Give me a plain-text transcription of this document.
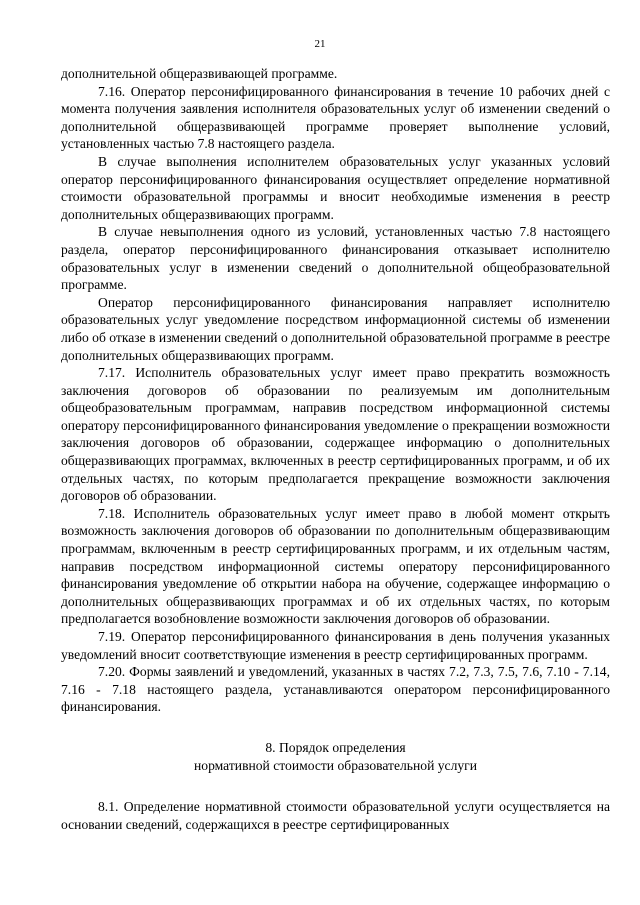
21

дополнительной общеразвивающей программе.

7.16. Оператор персонифицированного финансирования в течение 10 рабочих дней с момента получения заявления исполнителя образовательных услуг об изменении сведений о дополнительной общеразвивающей программе проверяет выполнение условий, установленных частью 7.8 настоящего раздела.

В случае выполнения исполнителем образовательных услуг указанных условий оператор персонифицированного финансирования осуществляет определение нормативной стоимости образовательной программы и вносит необходимые изменения в реестр дополнительных общеразвивающих программ.

В случае невыполнения одного из условий, установленных частью 7.8 настоящего раздела, оператор персонифицированного финансирования отказывает исполнителю образовательных услуг в изменении сведений о дополнительной общеобразовательной программе.

Оператор персонифицированного финансирования направляет исполнителю образовательных услуг уведомление посредством информационной системы об изменении либо об отказе в изменении сведений о дополнительной образовательной программе в реестре дополнительных общеразвивающих программ.

7.17. Исполнитель образовательных услуг имеет право прекратить возможность заключения договоров об образовании по реализуемым им дополнительным общеобразовательным программам, направив посредством информационной системы оператору персонифицированного финансирования уведомление о прекращении возможности заключения договоров об образовании, содержащее информацию о дополнительных общеразвивающих программах, включенных в реестр сертифицированных программ, и об их отдельных частях, по которым предполагается прекращение возможности заключения договоров об образовании.

7.18. Исполнитель образовательных услуг имеет право в любой момент открыть возможность заключения договоров об образовании по дополнительным общеразвивающим программам, включенным в реестр сертифицированных программ, и их отдельным частям, направив посредством информационной системы оператору персонифицированного финансирования уведомление об открытии набора на обучение, содержащее информацию о дополнительных общеразвивающих программах и об их отдельных частях, по которым предполагается возобновление возможности заключения договоров об образовании.

7.19. Оператор персонифицированного финансирования в день получения указанных уведомлений вносит соответствующие изменения в реестр сертифицированных программ.

7.20. Формы заявлений и уведомлений, указанных в частях 7.2, 7.3, 7.5, 7.6, 7.10 - 7.14, 7.16 - 7.18 настоящего раздела, устанавливаются оператором персонифицированного финансирования.

8. Порядок определения
нормативной стоимости образовательной услуги

8.1. Определение нормативной стоимости образовательной услуги осуществляется на основании сведений, содержащихся в реестре сертифицированных
